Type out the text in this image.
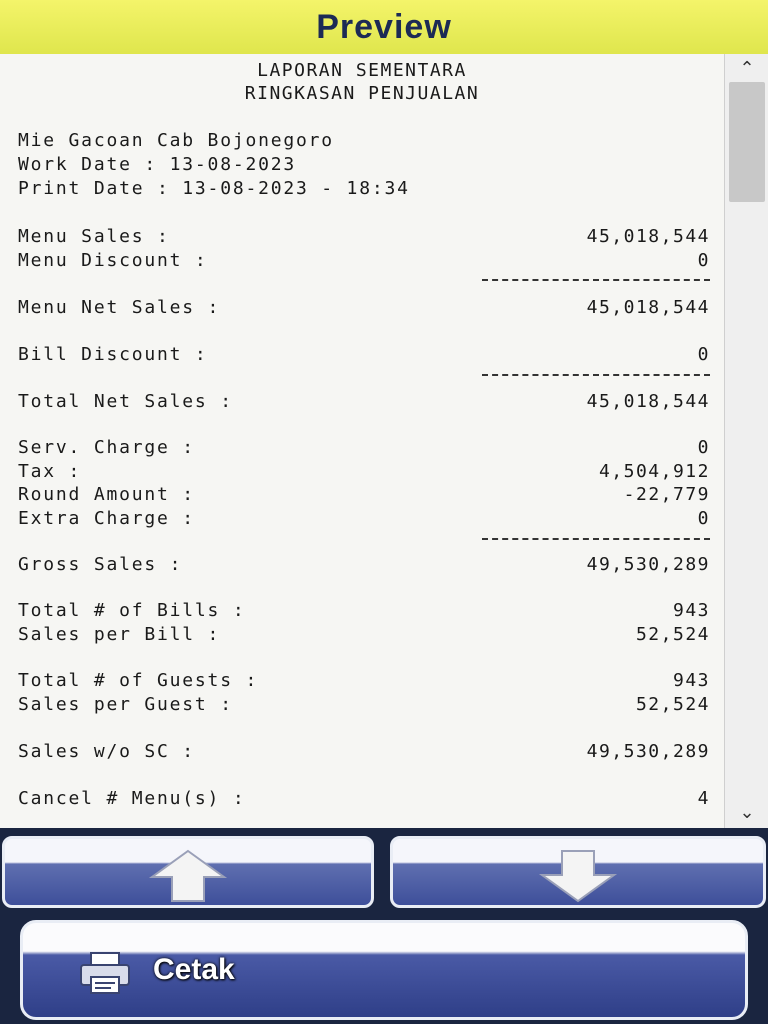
Preview
LAPORAN SEMENTARA
RINGKASAN PENJUALAN
Mie Gacoan Cab Bojonegoro
Work Date : 13-08-2023
Print Date : 13-08-2023 - 18:34
Menu Sales :	45,018,544
Menu Discount :	0
Menu Net Sales :	45,018,544
Bill Discount :	0
Total Net Sales :	45,018,544
Serv. Charge :	0
Tax :	4,504,912
Round Amount :	-22,779
Extra Charge :	0
Gross Sales :	49,530,289
Total # of Bills :	943
Sales per Bill :	52,524
Total # of Guests :	943
Sales per Guest :	52,524
Sales w/o SC :	49,530,289
Cancel # Menu(s) :	4
⌃
⌄
Cetak
